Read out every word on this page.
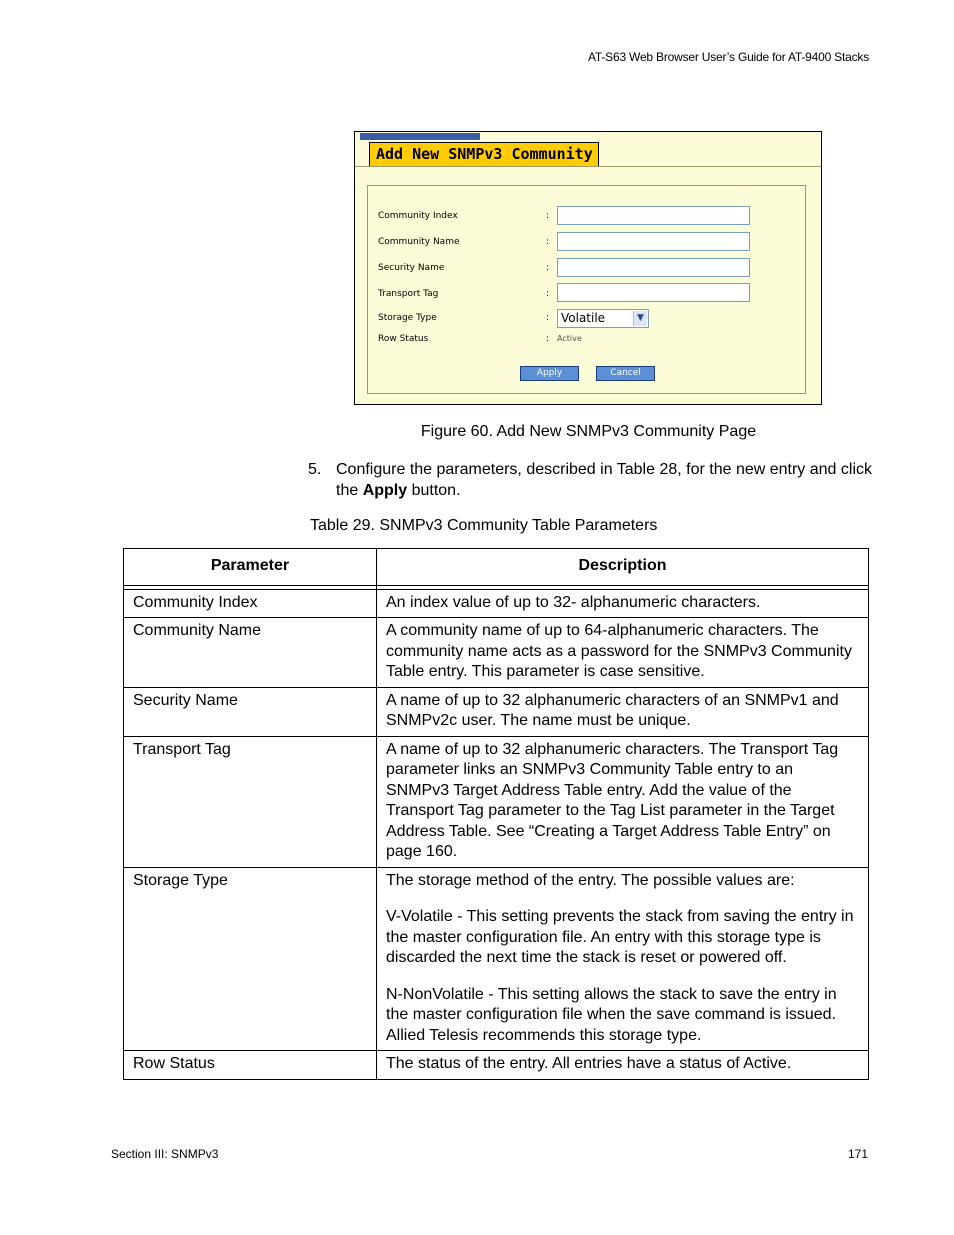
AT-S63 Web Browser User’s Guide for AT-9400 Stacks
Add New SNMPv3 Community
Community Index	:
Community Name	:
Security Name	:
Transport Tag	:
Storage Type	: Volatile	▼
Row Status	: Active
Apply	Cancel
Figure 60. Add New SNMPv3 Community Page
5. Configure the parameters, described in Table 28, for the new entry and click the Apply button.
Table 29. SNMPv3 Community Table Parameters
Parameter	Description

Community Index	An index value of up to 32- alphanumeric characters.

Community Name	A community name of up to 64-alphanumeric characters. The community name acts as a password for the SNMPv3 Community Table entry. This parameter is case sensitive.

Security Name	A name of up to 32 alphanumeric characters of an SNMPv1 and SNMPv2c user. The name must be unique.

Transport Tag	A name of up to 32 alphanumeric characters. The Transport Tag parameter links an SNMPv3 Community Table entry to an SNMPv3 Target Address Table entry. Add the value of the Transport Tag parameter to the Tag List parameter in the Target Address Table. See “Creating a Target Address Table Entry” on page 160.

Storage Type	The storage method of the entry. The possible values are:

V-Volatile - This setting prevents the stack from saving the entry in the master configuration file. An entry with this storage type is discarded the next time the stack is reset or powered off.

N-NonVolatile - This setting allows the stack to save the entry in the master configuration file when the save command is issued. Allied Telesis recommends this storage type.

Row Status	The status of the entry. All entries have a status of Active.

Section III: SNMPv3	171
